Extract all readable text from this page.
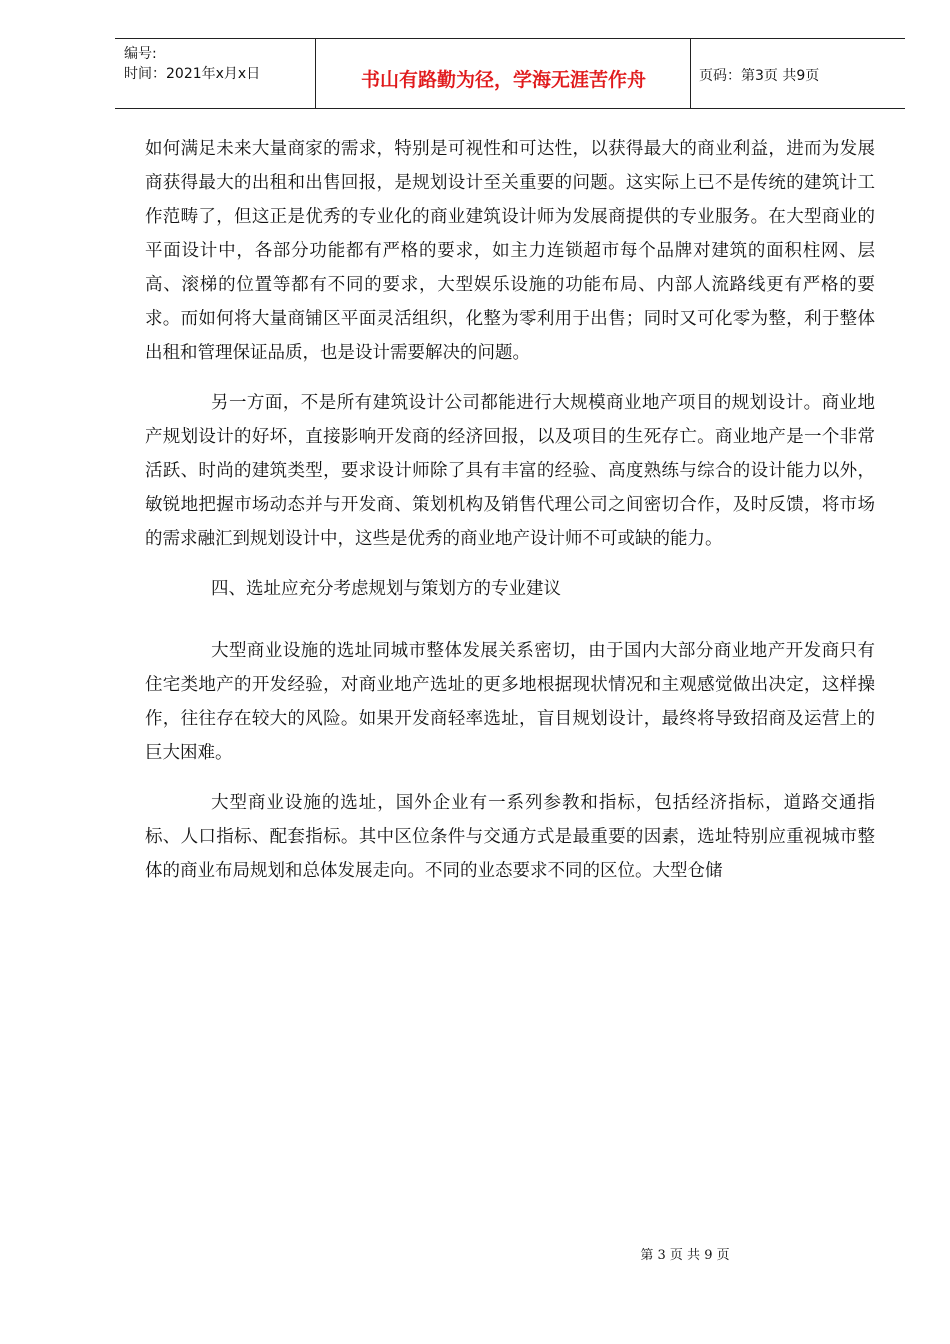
编号:
时间：2021年x月x日	书山有路勤为径，学海无涯苦作舟	页码：第3页 共9页

如何满足未来大量商家的需求，特别是可视性和可达性，以获得最大的商业利益，进而为发展商获得最大的出租和出售回报，是规划设计至关重要的问题。这实际上已不是传统的建筑计工作范畴了，但这正是优秀的专业化的商业建筑设计师为发展商提供的专业服务。在大型商业的平面设计中，各部分功能都有严格的要求，如主力连锁超市每个品牌对建筑的面积柱网、层高、滚梯的位置等都有不同的要求，大型娱乐设施的功能布局、内部人流路线更有严格的要求。而如何将大量商铺区平面灵活组织，化整为零利用于出售；同时又可化零为整，利于整体出租和管理保证品质，也是设计需要解决的问题。

另一方面，不是所有建筑设计公司都能进行大规模商业地产项目的规划设计。商业地产规划设计的好坏，直接影响开发商的经济回报，以及项目的生死存亡。商业地产是一个非常活跃、时尚的建筑类型，要求设计师除了具有丰富的经验、高度熟练与综合的设计能力以外，敏锐地把握市场动态并与开发商、策划机构及销售代理公司之间密切合作，及时反馈，将市场的需求融汇到规划设计中，这些是优秀的商业地产设计师不可或缺的能力。

四、选址应充分考虑规划与策划方的专业建议

大型商业设施的选址同城市整体发展关系密切，由于国内大部分商业地产开发商只有住宅类地产的开发经验，对商业地产选址的更多地根据现状情况和主观感觉做出决定，这样操作，往往存在较大的风险。如果开发商轻率选址，盲目规划设计，最终将导致招商及运营上的巨大困难。

大型商业设施的选址，国外企业有一系列参教和指标，包括经济指标，道路交通指标、人口指标、配套指标。其中区位条件与交通方式是最重要的因素，选址特别应重视城市整体的商业布局规划和总体发展走向。不同的业态要求不同的区位。大型仓储

第 3 页 共 9 页
